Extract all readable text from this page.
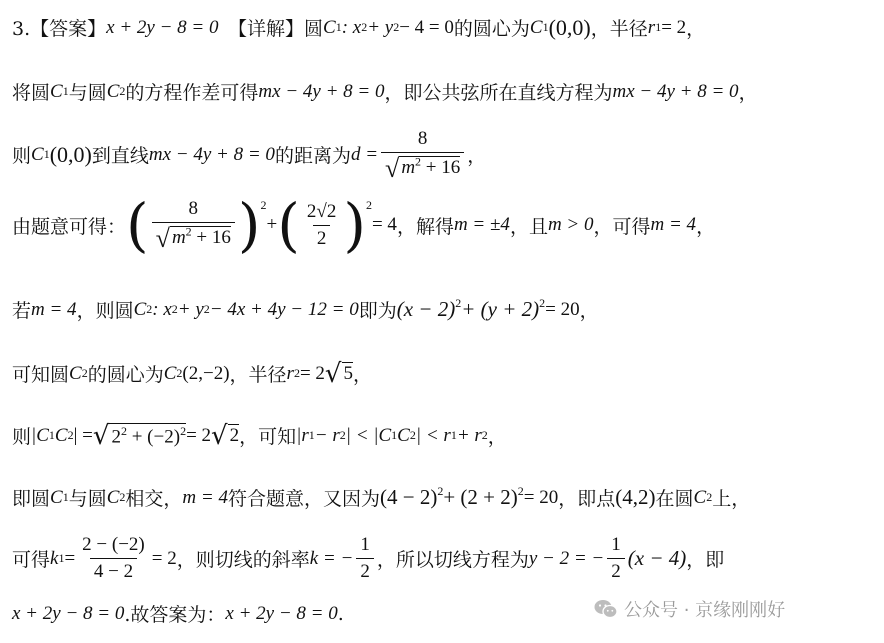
3.【答案】 x + 2y − 8 = 0 　【详解】圆 C 1 : x 2 + y 2 − 4 = 0 的圆心为 C 1 (0,0) ，半径 r 1 = 2 ，
将圆 C 1 与圆 C 2 的方程作差可得 mx − 4y + 8 = 0 ，即公共弦所在直线方程为 mx − 4y + 8 = 0 ，
则 C 1 (0,0) 到直线 mx − 4y + 8 = 0 的距离为 $d = \frac{8}{√ m^2 + 16}$ ，
由题意可得： ( $\frac{8}{√ m^2 + 16} )^2$
+ ( $\frac{2√2}{2} )^2$
= 4 ，解得 m = ±4 ，且 m > 0 ，可得 m = 4 ，
若 m = 4 ，则圆 C 2 : x 2 + y 2 − 4x + 4y − 12 = 0 即为 $(x - 2)^2 + (y + 2)^2 = 20$ ，
可知圆 C 2 的圆心为 C 2 (2,−2) ，半径 r 2 = 2 √ 5 ，
则 |C 1 C 2 | = √ $2^2 + (-2)^2 = 2$ √ 2 ，可知 |r 1 − r 2 | < |C 1 C 2 | < r 1 + r 2 ，
即圆 C 1 与圆 C 2 相交， m = 4 符合题意，又因为 $(4 - 2)^2 + (2 + 2)^2 = 20$ ，即点 (4,2) 在圆 C 2 上，
可得 k $1 = \frac{2 - (-2)}{4 - 2} = 2$ ，则切线的斜率 k = − $\frac{1}{2}$ ，所以切线方程为 y − 2 = − $\frac{1}{2} (x - 4)$ ，即
x + 2y − 8 = 0 .故答案为： x + 2y − 8 = 0 .	公众号 · 京缘刚刚好
